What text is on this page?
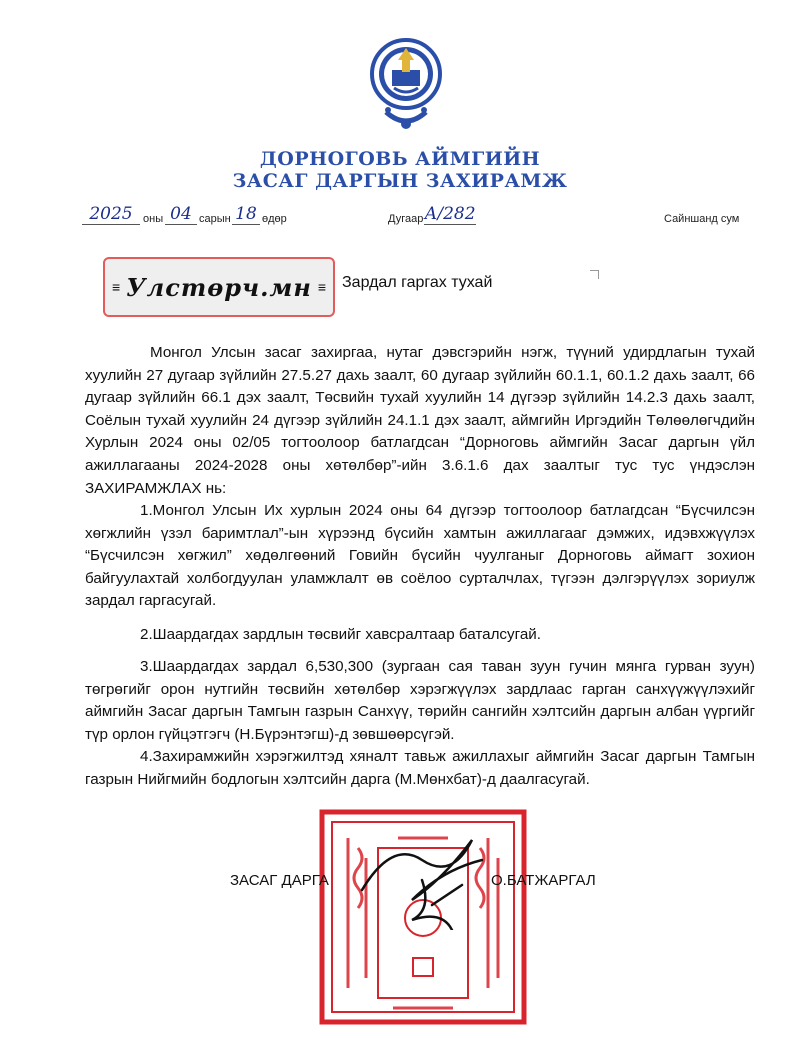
ДОРНОГОВЬ АЙМГИЙН
ЗАСАГ ДАРГЫН ЗАХИРАМЖ
2025 оны 04 сарын 18 өдөр	Дугаар А/282	Сайншанд сум
≡ Улстөрч.мн ≡ Зардал гаргах тухай
Монгол Улсын засаг захиргаа, нутаг дэвсгэрийн нэгж, түүний удирдлагын тухай хуулийн 27 дугаар зүйлийн 27.5.27 дахь заалт, 60 дугаар зүйлийн 60.1.1, 60.1.2 дахь заалт, 66 дугаар зүйлийн 66.1 дэх заалт, Төсвийн тухай хуулийн 14 дүгээр зүйлийн 14.2.3 дахь заалт, Соёлын тухай хуулийн 24 дүгээр зүйлийн 24.1.1 дэх заалт, аймгийн Иргэдийн Төлөөлөгчдийн Хурлын 2024 оны 02/05 тогтоолоор батлагдсан “Дорноговь аймгийн Засаг даргын үйл ажиллагааны 2024-2028 оны хөтөлбөр”-ийн 3.6.1.6 дах заалтыг тус тус үндэслэн ЗАХИРАМЖЛАХ нь:
1.Монгол Улсын Их хурлын 2024 оны 64 дүгээр тогтоолоор батлагдсан “Бүсчилсэн хөгжлийн үзэл баримтлал”-ын хүрээнд бүсийн хамтын ажиллагааг дэмжих, идэвхжүүлэх “Бүсчилсэн хөгжил” хөдөлгөөний Говийн бүсийн чуулганыг Дорноговь аймагт зохион байгуулахтай холбогдуулан уламжлалт өв соёлоо сурталчлах, түгээн дэлгэрүүлэх зориулж зардал гаргасугай.
2.Шаардагдах зардлын төсвийг хавсралтаар баталсугай.
3.Шаардагдах зардал 6,530,300 (зургаан сая таван зуун гучин мянга гурван зуун) төгрөгийг орон нутгийн төсвийн хөтөлбөр хэрэгжүүлэх зардлаас гарган санхүүжүүлэхийг аймгийн Засаг даргын Тамгын газрын Санхүү, төрийн сангийн хэлтсийн даргын албан үүргийг түр орлон гүйцэтгэгч (Н.Бүрэнтэгш)-д зөвшөөрсүгэй.
4.Захирамжийн хэрэгжилтэд хяналт тавьж ажиллахыг аймгийн Засаг даргын Тамгын газрын Нийгмийн бодлогын хэлтсийн дарга (М.Мөнхбат)-д даалгасугай.
ЗАСАГ ДАРГА	О.БАТЖАРГАЛ
